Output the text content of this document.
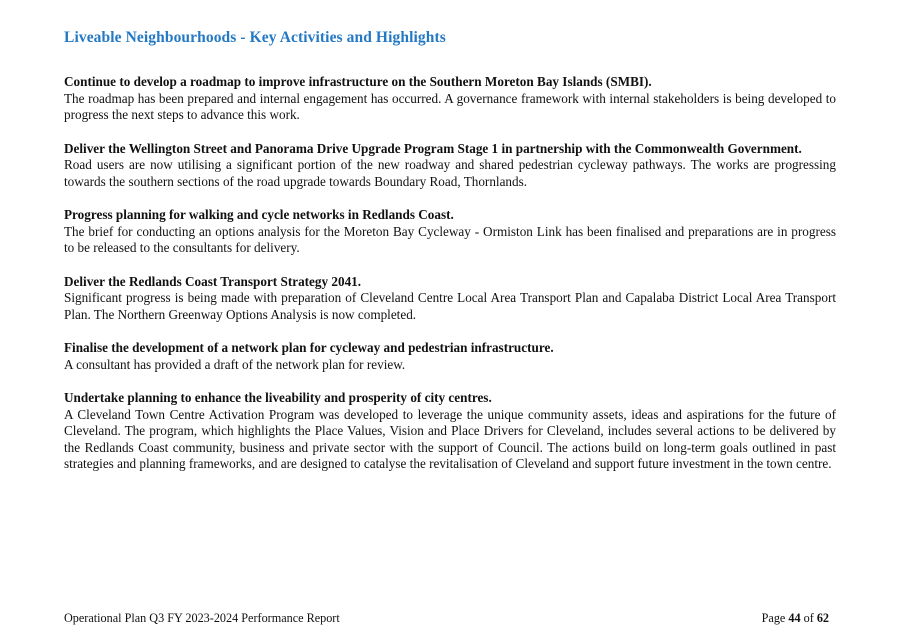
Liveable Neighbourhoods - Key Activities and Highlights

Continue to develop a roadmap to improve infrastructure on the Southern Moreton Bay Islands (SMBI).

The roadmap has been prepared and internal engagement has occurred. A governance framework with internal stakeholders is being developed to progress the next steps to advance this work.

Deliver the Wellington Street and Panorama Drive Upgrade Program Stage 1 in partnership with the Commonwealth Government.

Road users are now utilising a significant portion of the new roadway and shared pedestrian cycleway pathways. The works are progressing towards the southern sections of the road upgrade towards Boundary Road, Thornlands.

Progress planning for walking and cycle networks in Redlands Coast.

The brief for conducting an options analysis for the Moreton Bay Cycleway - Ormiston Link has been finalised and preparations are in progress to be released to the consultants for delivery.

Deliver the Redlands Coast Transport Strategy 2041.

Significant progress is being made with preparation of Cleveland Centre Local Area Transport Plan and Capalaba District Local Area Transport Plan. The Northern Greenway Options Analysis is now completed.

Finalise the development of a network plan for cycleway and pedestrian infrastructure.

A consultant has provided a draft of the network plan for review.

Undertake planning to enhance the liveability and prosperity of city centres.

A Cleveland Town Centre Activation Program was developed to leverage the unique community assets, ideas and aspirations for the future of Cleveland. The program, which highlights the Place Values, Vision and Place Drivers for Cleveland, includes several actions to be delivered by the Redlands Coast community, business and private sector with the support of Council. The actions build on long-term goals outlined in past strategies and planning frameworks, and are designed to catalyse the revitalisation of Cleveland and support future investment in the town centre.

Operational Plan Q3 FY 2023-2024 Performance Report	Page 44 of 62
